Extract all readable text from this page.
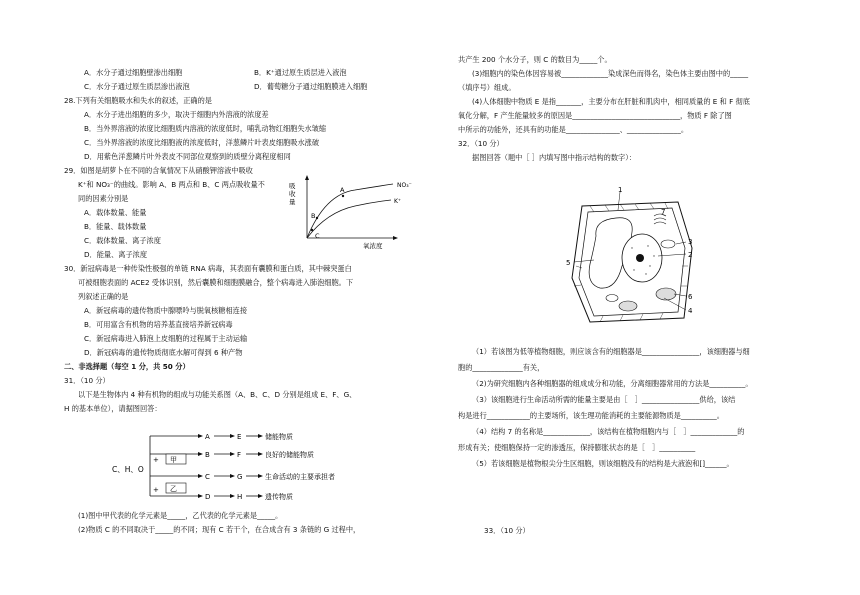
A．水分子通过细胞壁渗出细胞	B．K⁺通过原生质层进入液泡
C．水分子通过原生质层渗出液泡	D．葡萄糖分子通过细胞膜进入细胞
28.下列有关细胞吸水和失水的叙述，正确的是
A．水分子进出细胞的多少，取决于细胞内外溶液的浓度差
B．当外界溶液的浓度比细胞质内溶液的浓度低时，哺乳动物红细胞失水皱缩
C．当外界溶液的浓度比细胞液的浓度低时，洋葱鳞片叶表皮细胞吸水涨破
D．用紫色洋葱鳞片叶外表皮不同部位观察到的质壁分离程度相同
29．如图是胡萝卜在不同的含氧情况下从硝酸钾溶液中吸收
K⁺和 NO₃⁻的曲线。影响 A、B 两点和 B、C 两点吸收量不
同的因素分别是
A．载体数量、能量
B．能量、载体数量
C．载体数量、离子浓度
D．能量、离子浓度
30．新冠病毒是一种传染性极强的单链 RNA 病毒，其表面有囊膜和蛋白质，其中棘突蛋白
可被细胞表面的 ACE2 受体识别，然后囊膜和细胞膜融合，整个病毒进入肺泡细胞。下
列叙述正确的是
A．新冠病毒的遗传物质中腺嘌呤与脱氧核糖相连接
B．可用富含有机物的培养基直接培养新冠病毒
C．新冠病毒进入肺泡上皮细胞的过程属于主动运输
D．新冠病毒的遗传物质彻底水解可得到 6 种产物
二、非选择题（每空 1 分，共 50 分）
31．（10 分）
以下是生物体内 4 种有机物的组成与功能关系图（A、B、C、D 分别是组成 E、F、G、
H 的基本单位），请据图回答：
吸
收
量
A
B
C
NO₃⁻
K⁺
氧浓度
C、H、O
+ 甲
+ 乙
A	E	储能物质
B	F	良好的储能物质
C	G	生命活动的主要承担者
D	H	遗传物质
(1)图中甲代表的化学元素是_____，乙代表的化学元素是_____。
(2)物质 C 的不同取决于_____的不同；现有 C 若干个，在合成含有 3 条链的 G 过程中，
共产生 200 个水分子，则 C 的数目为_____个。
(3)细胞内的染色体因容易被_____________染成深色而得名，染色体主要由图中的_____
（填序号）组成。
(4)人体细胞中物质 E 是指_______，主要分布在肝脏和肌肉中，相同质量的 E 和 F 彻底
氧化分解，F 产生能量较多的原因是______________________________，物质 F 除了图
中所示的功能外，还具有的功能是_______________、_______________。
32．（10 分）
据图回答（题中［ ］内填写图中指示结构的数字）：
1
7
3
2
5
6
4
（1）若该图为低等植物细胞，则应该含有的细胞器是________________，该细胞器与细
胞的______________有关，
（2)为研究细胞内各种细胞器的组成成分和功能，分离细胞器常用的方法是__________。
（3）该细胞进行生命活动所需的能量主要是由［　］________________供给，该结
构是进行____________的主要场所，该生理功能消耗的主要能源物质是__________。
（4）结构 7 的名称是_____________，该结构在植物细胞内与［　］_____________的
形成有关；使细胞保持一定的渗透压，保持膨胀状态的是［　］__________
（5）若该细胞是植物根尖分生区细胞，则该细胞没有的结构是大液泡和[]______。
33．（10 分）
